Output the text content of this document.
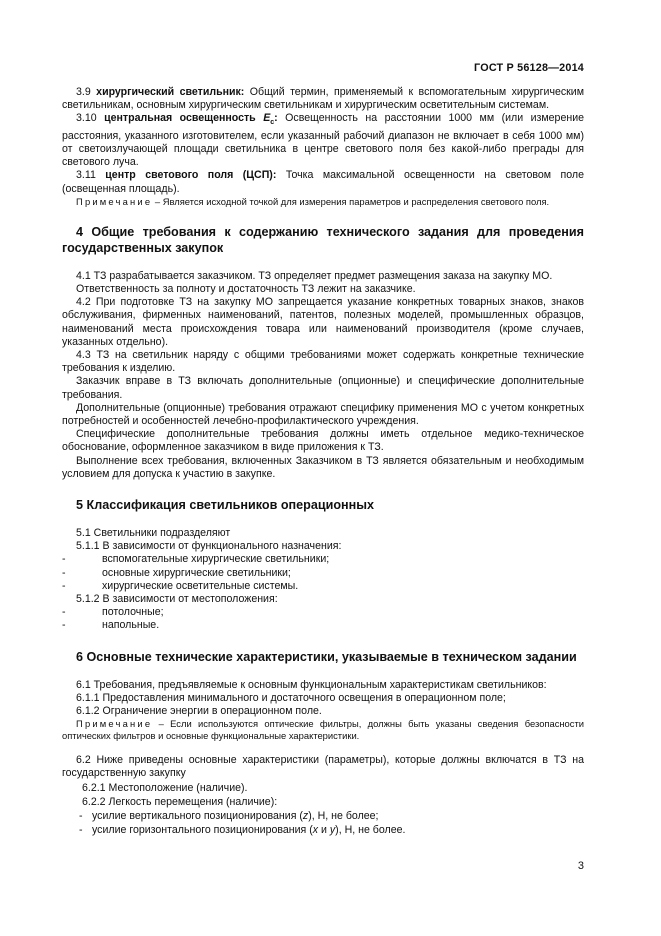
ГОСТ Р 56128—2014

3.9 хирургический светильник: Общий термин, применяемый к вспомогательным хирургическим светильникам, основным хирургическим светильникам и хирургическим осветительным системам.

3.10 центральная освещенность $E_c$: Освещенность на расстоянии 1000 мм (или измерение расстояния, указанного изготовителем, если указанный рабочий диапазон не включает в себя 1000 мм) от светоизлучающей площади светильника в центре светового поля без какой-либо преграды для светового луча.

3.11 центр светового поля (ЦСП): Точка максимальной освещенности на световом поле (освещенная площадь).

Примечание – Является исходной точкой для измерения параметров и распределения светового поля.

4 Общие требования к содержанию технического задания для проведения государственных закупок

4.1 ТЗ разрабатывается заказчиком. ТЗ определяет предмет размещения заказа на закупку МО.

Ответственность за полноту и достаточность ТЗ лежит на заказчике.

4.2 При подготовке ТЗ на закупку МО запрещается указание конкретных товарных знаков, знаков обслуживания, фирменных наименований, патентов, полезных моделей, промышленных образцов, наименований места происхождения товара или наименований производителя (кроме случаев, указанных отдельно).

4.3 ТЗ на светильник наряду с общими требованиями может содержать конкретные технические требования к изделию.

Заказчик вправе в ТЗ включать дополнительные (опционные) и специфические дополнительные требования.

Дополнительные (опционные) требования отражают специфику применения МО с учетом конкретных потребностей и особенностей лечебно-профилактического учреждения.

Специфические дополнительные требования должны иметь отдельное медико-техническое обоснование, оформленное заказчиком в виде приложения к ТЗ.

Выполнение всех требования, включенных Заказчиком в ТЗ является обязательным и необходимым условием для допуска к участию в закупке.

5 Классификация светильников операционных

5.1 Светильники подразделяют

5.1.1 В зависимости от функционального назначения:

-	вспомогательные хирургические светильники;
-	основные хирургические светильники;
-	хирургические осветительные системы.

5.1.2 В зависимости от местоположения:

-	потолочные;
-	напольные.
6 Основные технические характеристики, указываемые в техническом задании

6.1 Требования, предъявляемые к основным функциональным характеристикам светильников:

6.1.1 Предоставления минимального и достаточного освещения в операционном поле;

6.1.2 Ограничение энергии в операционном поле.

Примечание – Если используются оптические фильтры, должны быть указаны сведения безопасности оптических фильтров и основные функциональные характеристики.

6.2 Ниже приведены основные характеристики (параметры), которые должны включатся в ТЗ на государственную закупку

6.2.1 Местоположение (наличие).

6.2.2 Легкость перемещения (наличие):

- усилие вертикального позиционирования (z), Н, не более;
- усилие горизонтального позиционирования (x и y), Н, не более.
3
